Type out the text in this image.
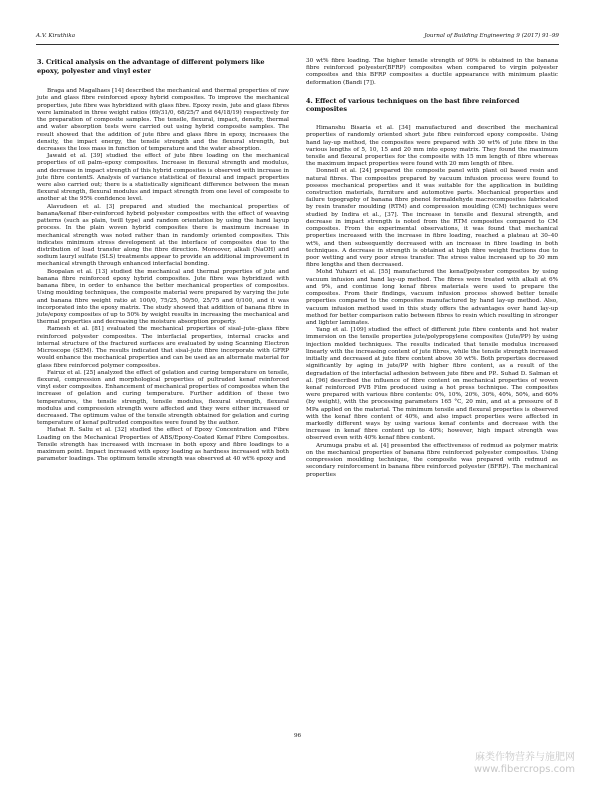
A.V. Kiruthika	Journal of Building Engineering 9 (2017) 91–99
3. Critical analysis on the advantage of different polymers like epoxy, polyester and vinyl ester

Braga and Magalhaes [14] described the mechanical and thermal properties of raw jute and glass fibre reinforced epoxy hybrid composites. To improve the mechanical properties, jute fibre was hybridized with glass fibre. Epoxy resin, jute and glass fibres were laminated in three weight ratios (69/31/0, 68/25/7 and 64/18/19) respectively for the preparation of composite samples. The tensile, flexural, impact, density, thermal and water absorption tests were carried out using hybrid composite samples. The result showed that the addition of jute fibre and glass fibre in epoxy, increases the density, the impact energy, the tensile strength and the flexural strength, but decreases the loss mass in function of temperature and the water absorption.

Jawaid et al. [39] studied the effect of jute fibre loading on the mechanical properties of oil palm–epoxy composites. Increase in flexural strength and modulus, and decrease in impact strength of this hybrid composites is observed with increase in jute fibre contentS. Analysis of variance statistical of flexural and impact properties were also carried out; there is a statistically significant difference between the mean flexural strength, flexural modulus and impact strength from one level of composite to another at the 95% confidence level.

Alavudeen et al. [3] prepared and studied the mechanical properties of banana/kenaf fiber-reinforced hybrid polyester composites with the effect of weaving patterns (such as plain, twill type) and random orientation by using the hand layup process. In the plain woven hybrid composites there is maximum increase in mechanical strength was noted rather than in randomly oriented composites. This indicates minimum stress development at the interface of composites due to the distribution of load transfer along the fibre direction. Moreover, alkali (NaOH) and sodium lauryl sulfate (SLS) treatments appear to provide an additional improvement in mechanical strength through enhanced interfacial bonding.

Boopalan et al. [13] studied the mechanical and thermal properties of jute and banana fibre reinforced epoxy hybrid composites. Jute fibre was hybridized with banana fibre, in order to enhance the better mechanical properties of composites. Using moulding techniques, the composite material were prepared by varying the jute and banana fibre weight ratio at 100/0, 75/25, 50/50, 25/75 and 0/100, and it was incorporated into the epoxy matrix. The study showed that addition of banana fibre in jute/epoxy composites of up to 50% by weight results in increasing the mechanical and thermal properties and decreasing the moisture absorption property.

Ramesh et al. [81] evaluated the mechanical properties of sisal–jute–glass fibre reinforced polyester composites. The interfacial properties, internal cracks and internal structure of the fractured surfaces are evaluated by using Scanning Electron Microscope (SEM). The results indicated that sisal–jute fibre incorporate with GFRP would enhance the mechanical properties and can be used as an alternate material for glass fibre reinforced polymer composites.

Fairuz et al. [25] analyzed the effect of gelation and curing temperature on tensile, flexural, compression and morphological properties of pultruded kenaf reinforced vinyl ester composites. Enhancement of mechanical properties of composites when the increase of gelation and curing temperature. Further addition of these two temperatures, the tensile strength, tensile modulus, flexural strength, flexural modulus and compression strength were affected and they were either increased or decreased. The optimum value of the tensile strength obtained for gelation and curing temperature of kenaf pultruded composites were found by the author.

Hafsat R. Saliu et al. [32] studied the effect of Epoxy Concentration and Fibre Loading on the Mechanical Properties of ABS/Epoxy-Coated Kenaf Fibre Composites. Tensile strength has increased with increase in both epoxy and fibre loadings to a maximum point. Impact increased with epoxy loading as hardness increased with both parameter loadings. The optimum tensile strength was observed at 40 wt% epoxy and

30 wt% fibre loading. The higher tensile strength of 90% is obtained in the banana fibre reinforced polyester(BFRP) composites when compared to virgin polyester composites and this BFRP composites a ductile appearance with minimum plastic deformation (Bandi [7]).

4. Effect of various techniques on the bast fibre reinforced composites

Himanshu Bisaria et al. [34] manufactured and described the mechanical properties of randomly oriented short jute fibre reinforced epoxy composite. Using hand lay-up method, the composites were prepared with 30 wt% of jute fibre in the various lengths of 5, 10, 15 and 20 mm into epoxy matrix. They found the maximum tensile and flexural properties for the composite with 15 mm length of fibre whereas the maximum impact properties were found with 20 mm length of fibre.

Donnell et al. [24] prepared the composite panel with plant oil based resin and natural fibres. The composites prepared by vacuum infusion process were found to possess mechanical properties and it was suitable for the application in building construction materials, furniture and automotive parts. Mechanical properties and failure topography of banana fibre phenol formaldehyde macrocomposites fabricated by resin transfer moulding (RTM) and compression moulding (CM) techniques were studied by Indira et al., [37]. The increase in tensile and flexural strength, and decrease in impact strength is noted from the RTM composites compared to CM composites. From the experimental observations, it was found that mechanical properties increased with the increase in fibre loading, reached a plateau at 30–40 wt%, and then subsequently decreased with an increase in fibre loading in both techniques. A decrease in strength is obtained at high fibre weight fractions due to poor wetting and very poor stress transfer. The stress value increased up to 30 mm fibre lengths and then decreased.

Mohd Yuhazri et al. [55] manufactured the kenaf/polyester composites by using vacuum infusion and hand lay-up method. The fibres were treated with alkali at 6% and 9%, and continue long kenaf fibres materials were used to prepare the composites. From their findings, vacuum infusion process showed better tensile properties compared to the composites manufactured by hand lay-up method. Also, vacuum infusion method used in this study offers the advantages over hand lay-up method for better comparison ratio between fibres to resin which resulting in stronger and lighter laminates.

Yang et al. [109] studied the effect of different jute fibre contents and hot water immersion on the tensile properties jute/polypropylene composites (Jute/PP) by using injection molded techniques. The results indicated that tensile modulus increased linearly with the increasing content of jute fibres, while the tensile strength increased initially and decreased at jute fibre content above 30 wt%. Both properties decreased significantly by aging in jute/PP with higher fibre content, as a result of the degradation of the interfacial adhesion between jute fibre and PP.. Suhad D. Salman et al. [96] described the influence of fibre content on mechanical properties of woven kenaf reinforced PVB Film produced using a hot press technique. The composites were prepared with various fibre contents: 0%, 10%, 20%, 30%, 40%, 50%, and 60% (by weight), with the processing parameters 165 °C, 20 min, and at a pressure of 8 MPa applied on the material. The minimum tensile and flexural properties is observed with the kenaf fibre content of 40%, and also impact properties were affected in markedly different ways by using various kenaf contents and decrease with the increase in kenaf fibre content up to 40%; however, high impact strength was observed even with 40% kenaf fibre content.

Arumuga prabu et al. [4] presented the effectiveness of redmud as polymer matrix on the mechanical properties of banana fibre reinforced polyester composites. Using compression moulding technique, the composite was prepared with redmud as secondary reinforcement in banana fibre reinforced polyester (BFRP). The mechanical properties

96
麻类作物营养与施肥网
www.fibercrops.com
